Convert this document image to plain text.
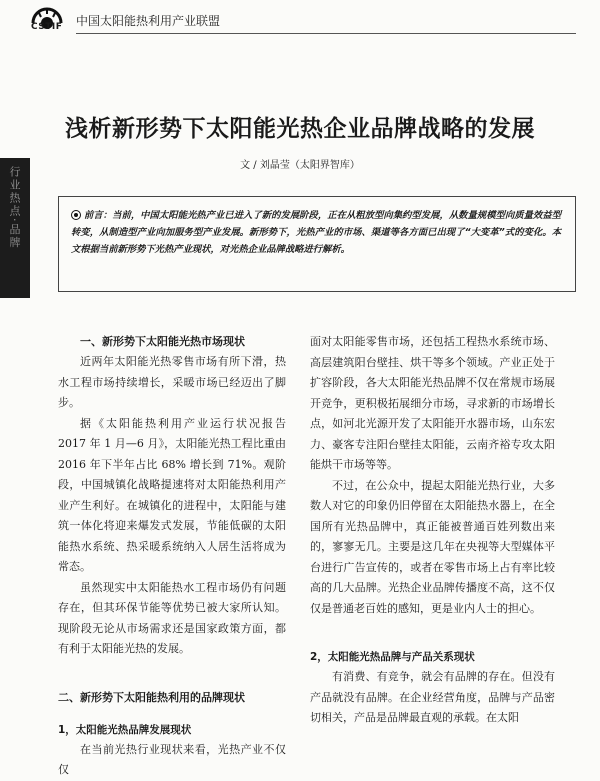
CSTIF 中国太阳能热利用产业联盟
行业热点·品牌
浅析新形势下太阳能光热企业品牌战略的发展
文 / 刘晶莹（太阳界智库）
前言：当前，中国太阳能光热产业已进入了新的发展阶段，正在从粗放型向集约型发展，从数量规模型向质量效益型转变，从制造型产业向加服务型产业发展。新形势下，光热产业的市场、渠道等各方面已出现了“大变革”式的变化。本文根据当前新形势下光热产业现状，对光热企业品牌战略进行解析。
一、新形势下太阳能光热市场现状

近两年太阳能光热零售市场有所下滑，热水工程市场持续增长，采暖市场已经迈出了脚步。

据《太阳能热利用产业运行状况报告 2017 年 1 月—6 月》，太阳能光热工程比重由 2016 年下半年占比 68% 增长到 71%。观阶段，中国城镇化战略提速将对太阳能热利用产业产生利好。在城镇化的进程中，太阳能与建筑一体化将迎来爆发式发展，节能低碳的太阳能热水系统、热采暖系统纳入人居生活将成为常态。

虽然现实中太阳能热水工程市场仍有问题存在，但其环保节能等优势已被大家所认知。现阶段无论从市场需求还是国家政策方面，都有利于太阳能光热的发展。

二、新形势下太阳能热利用的品牌现状
1，太阳能光热品牌发展现状

在当前光热行业现状来看，光热产业不仅仅

面对太阳能零售市场，还包括工程热水系统市场、高层建筑阳台壁挂、烘干等多个领域。产业正处于扩容阶段，各大太阳能光热品牌不仅在常规市场展开竞争，更积极拓展细分市场，寻求新的市场增长点，如河北光源开发了太阳能开水器市场，山东宏力、豪客专注阳台壁挂太阳能，云南齐裕专攻太阳能烘干市场等等。

不过，在公众中，提起太阳能光热行业，大多数人对它的印象仍旧停留在太阳能热水器上，在全国所有光热品牌中，真正能被普通百姓列数出来的，寥寥无几。主要是这几年在央视等大型媒体平台进行广告宣传的，或者在零售市场上占有率比较高的几大品牌。光热企业品牌传播度不高，这不仅仅是普通老百姓的感知，更是业内人士的担心。

2，太阳能光热品牌与产品关系现状

有消费、有竞争，就会有品牌的存在。但没有产品就没有品牌。在企业经营角度，品牌与产品密切相关，产品是品牌最直观的承载。在太阳
